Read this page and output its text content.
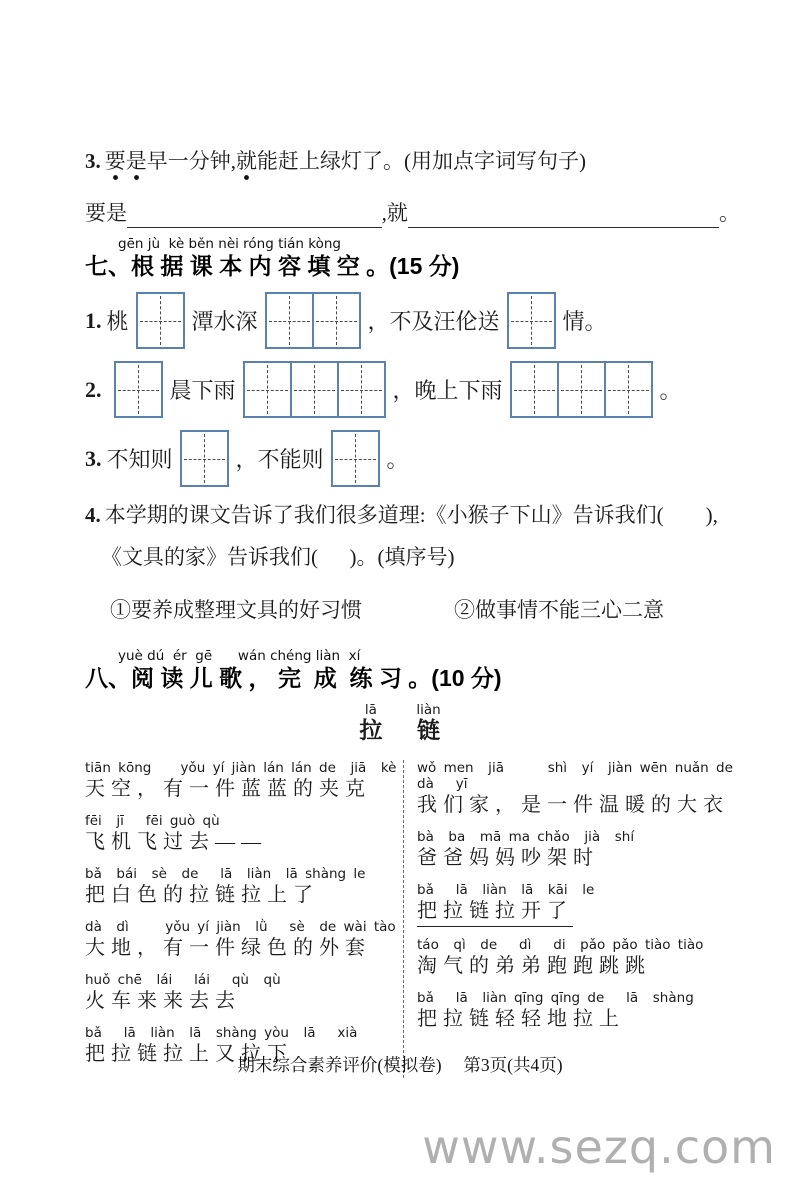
3. 要是早一分钟,就能赶上绿灯了。(用加点字词写句子)
要是	,就	。
gēn jù  kè běn nèi róng tián kòng
七、根 据 课 本 内 容 填 空 。(15 分)
1. 桃	潭水深	，不及汪伦送	情。
2.	晨下雨	，晚上下雨	。
3. 不知则	，不能则	。
4. 本学期的课文告诉了我们很多道理:《小猴子下山》告诉我们(        ),
《文具的家》告诉我们(      )。(填序号)
①要养成整理文具的好习惯	②做事情不能三心二意
yuè dú  ér  gē      wán chéng liàn  xí
八、阅 读 儿 歌 ， 完  成  练 习 。(10 分)
lā
拉
liàn
链
tiān kōng    yǒu yí jiàn lán lán de  jiā  kè
天空，有一件蓝蓝的夹克
fēi  jī   fēi guò qù
飞机飞过去——
bǎ  bái  sè  de   lā  liàn  lā shàng le
把白色的拉链拉上了
dà  dì     yǒu yí jiàn  lǜ   sè  de wài tào
大地，有一件绿色的外套
huǒ chē  lái   lái   qù  qù
火车来来去去
bǎ   lā  liàn  lā  shàng yòu  lā   xià
把拉链拉上又拉下
wǒ men  jiā      shì  yí  jiàn wēn nuǎn de  dà   yī
我们家，是一件温暖的大衣
bà  ba  mā ma chǎo  jià  shí
爸爸妈妈吵架时
bǎ   lā  liàn  lā  kāi  le
把拉链拉开了
táo  qì  de   dì   di  pǎo pǎo tiào tiào
淘气的弟弟跑跑跳跳
bǎ   lā  liàn qīng qīng de   lā  shàng
把拉链轻轻地拉上
期末综合素养评价(模拟卷)　 第3页(共4页)
www.sezq.com
